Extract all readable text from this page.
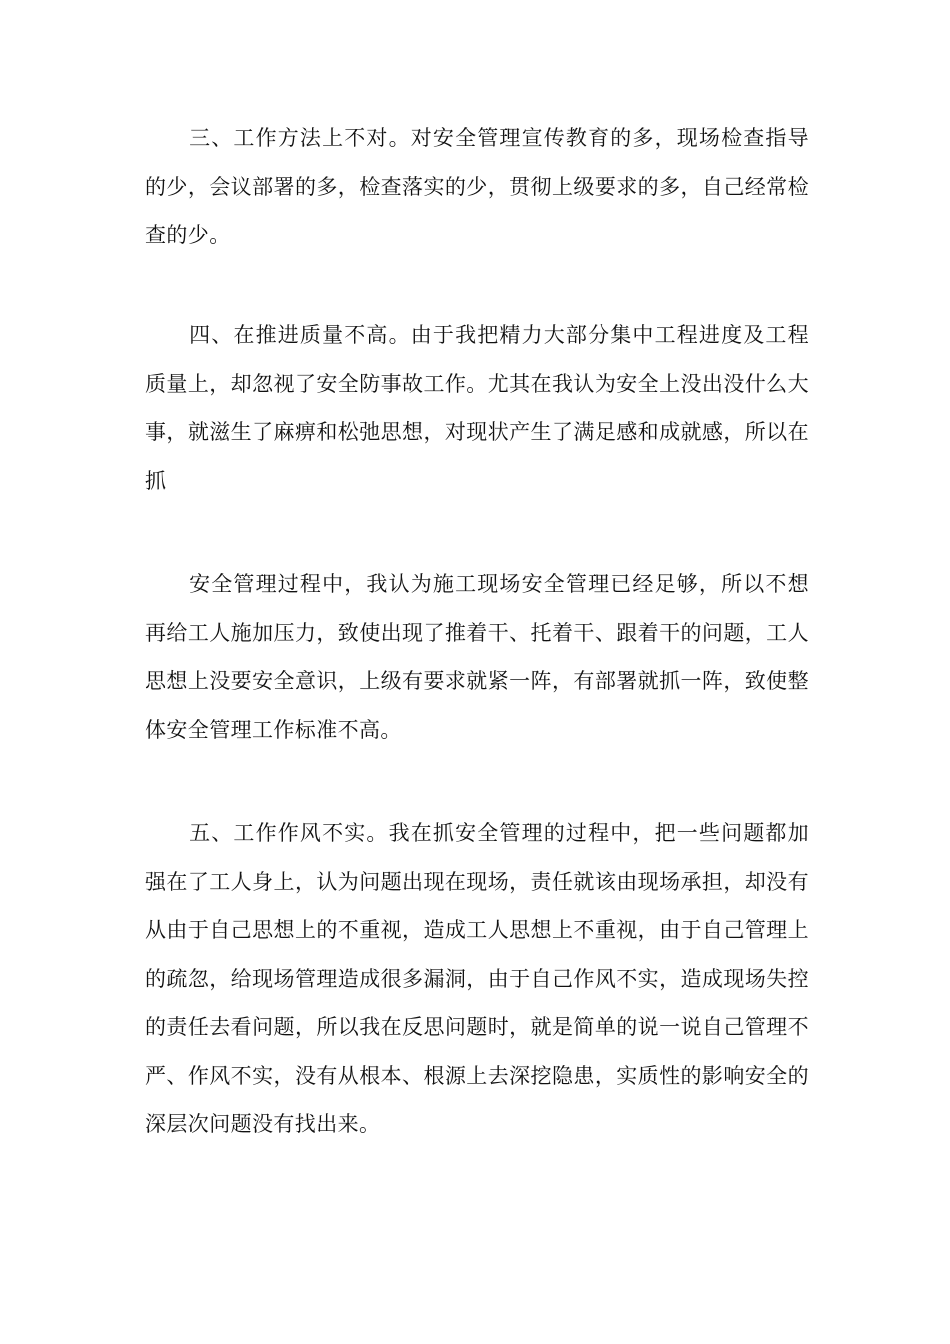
三、工作方法上不对。对安全管理宣传教育的多，现场检查指导的少，会议部署的多，检查落实的少，贯彻上级要求的多，自己经常检查的少。

四、在推进质量不高。由于我把精力大部分集中工程进度及工程质量上，却忽视了安全防事故工作。尤其在我认为安全上没出没什么大事，就滋生了麻痹和松弛思想，对现状产生了满足感和成就感，所以在抓

安全管理过程中，我认为施工现场安全管理已经足够，所以不想再给工人施加压力，致使出现了推着干、托着干、跟着干的问题，工人思想上没要安全意识，上级有要求就紧一阵，有部署就抓一阵，致使整体安全管理工作标准不高。

五、工作作风不实。我在抓安全管理的过程中，把一些问题都加强在了工人身上，认为问题出现在现场，责任就该由现场承担，却没有从由于自己思想上的不重视，造成工人思想上不重视，由于自己管理上的疏忽，给现场管理造成很多漏洞，由于自己作风不实，造成现场失控的责任去看问题，所以我在反思问题时，就是简单的说一说自己管理不严、作风不实，没有从根本、根源上去深挖隐患，实质性的影响安全的深层次问题没有找出来。
